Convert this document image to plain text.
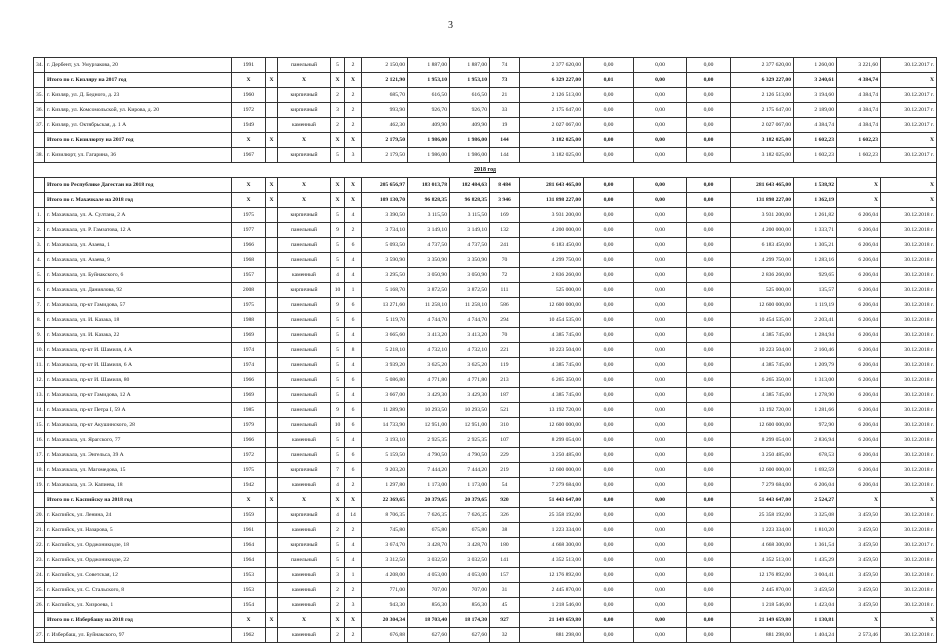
3
34.	г. Дербент, ул. Умурзакова, 20	1991		панельный	5	2	2 150,00	1 887,00	1 887,00	74	2 377 620,00	0,00	0,00	0,00	2 377 620,00	1 260,00	3 221,60	30.12.2017 г.
	Итого по г. Кизляру на 2017 год	X	X	X	X	X	2 121,90	1 953,10	1 953,10	73	6 329 227,00	0,01	0,00	0,00	6 329 227,00	3 240,61	4 384,74	X
35.	г. Кизляр, ул. Д. Бедного, д. 23	1960		кирпичный	2	2	685,70	616,50	616,50	21	2 126 513,00	0,00	0,00	0,00	2 126 513,00	3 194,60	4 384,74	30.12.2017 г.
36.	г. Кизляр, ул. Комсомольской, ул. Кирова, д. 20	1972		кирпичный	3	2	993,90	926,70	926,70	33	2 175 647,00	0,00	0,00	0,00	2 175 647,00	2 189,00	4 384,74	30.12.2017 г.
37.	г. Кизляр, ул. Октябрьская, д. 1 А	1949		каменный	2	2	462,30	409,90	409,90	19	2 027 067,00	0,00	0,00	0,00	2 027 067,00	4 384,74	4 384,74	30.12.2017 г.
	Итого по г. Кизилюрту на 2017 год	X	X	X	X	X	2 179,50	1 986,00	1 986,00	144	3 182 025,00	0,00	0,00	0,00	3 182 025,00	1 602,23	1 602,23	X
38.	г. Кизилюрт, ул. Гагарина, 36	1967		кирпичный	5	3	2 179,50	1 986,00	1 986,00	144	3 182 025,00	0,00	0,00	0,00	3 182 025,00	1 602,23	1 602,23	30.12.2017 г.
2018 год																		
	Итого по Республике Дагестан на 2018 год	X	X	X	X	X	205 656,97	183 013,78	182 484,63	8 484	281 643 465,00	0,00	0,00	0,00	281 643 465,00	1 538,92	X	X
	Итого по г. Махачкале на 2018 год	X	X	X	X	X	109 130,70	96 828,35	96 828,35	3 946	131 898 227,00	0,00	0,00	0,00	131 898 227,00	1 362,19	X	X
1.	г. Махачкала, ул. А. Султана, 2 А	1975		кирпичный	5	4	3 390,50	3 115,50	3 115,50	169	3 931 200,00	0,00	0,00	0,00	3 931 200,00	1 261,82	6 206,04	30.12.2018 г.
2.	г. Махачкала, ул. Р. Гамзатова, 12 А	1977		панельный	9	2	3 734,10	3 149,10	3 149,10	132	4 200 000,00	0,00	0,00	0,00	4 200 000,00	1 333,71	6 206,04	30.12.2018 г.
3.	г. Махачкала, ул. Азаева, 1	1966		панельный	5	6	5 093,50	4 737,50	4 737,50	241	6 183 450,00	0,00	0,00	0,00	6 183 450,00	1 305,21	6 206,04	30.12.2018 г.
4.	г. Махачкала, ул. Азаева, 9	1968		панельный	5	4	3 590,90	3 350,90	3 350,90	70	4 299 750,00	0,00	0,00	0,00	4 299 750,00	1 283,16	6 206,04	30.12.2018 г.
5.	г. Махачкала, ул. Буйнакского, 6	1957		каменный	4	4	3 295,50	3 050,90	3 050,90	72	2 836 260,00	0,00	0,00	0,00	2 836 260,00	929,65	6 206,04	30.12.2018 г.
6.	г. Махачкала, ул. Даниялова, 92	2008		кирпичный	10	1	5 168,70	3 872,50	3 872,50	111	525 000,00	0,00	0,00	0,00	525 000,00	135,57	6 206,04	30.12.2018 г.
7.	г. Махачкала, пр-кт Гамидова, 57	1975		панельный	9	6	13 271,60	11 258,10	11 258,10	586	12 600 000,00	0,00	0,00	0,00	12 600 000,00	1 119,19	6 206,04	30.12.2018 г.
8.	г. Махачкала, ул. И. Казака, 18	1988		панельный	5	6	5 119,70	4 744,70	4 744,70	294	10 454 535,00	0,00	0,00	0,00	10 454 535,00	2 203,41	6 206,04	30.12.2018 г.
9.	г. Махачкала, ул. И. Казака, 22	1969		панельный	5	4	3 665,60	3 413,20	3 413,20	70	4 385 745,00	0,00	0,00	0,00	4 385 745,00	1 284,94	6 206,04	30.12.2018 г.
10.	г. Махачкала, пр-кт И. Шамиля, 4 А	1974		панельный	5	8	5 218,10	4 732,10	4 732,10	221	10 223 504,00	0,00	0,00	0,00	10 223 504,00	2 160,46	6 206,04	30.12.2018 г.
11.	г. Махачкала, пр-кт И. Шамиля, 6 А	1974		панельный	5	4	3 939,20	3 625,20	3 625,20	119	4 385 745,00	0,00	0,00	0,00	4 385 745,00	1 209,79	6 206,04	30.12.2018 г.
12.	г. Махачкала, пр-кт И. Шамиля, 80	1966		панельный	5	6	5 086,80	4 771,80	4 771,80	213	6 265 350,00	0,00	0,00	0,00	6 265 350,00	1 313,00	6 206,04	30.12.2018 г.
13.	г. Махачкала, пр-кт Гамидова, 12 А	1969		панельный	5	4	3 667,00	3 429,30	3 429,30	187	4 385 745,00	0,00	0,00	0,00	4 385 745,00	1 278,90	6 206,04	30.12.2018 г.
14.	г. Махачкала, пр-кт Петра I, 59 А	1985		панельный	9	6	11 289,90	10 293,50	10 293,50	521	13 192 720,00	0,00	0,00	0,00	13 192 720,00	1 281,66	6 206,04	30.12.2018 г.
15.	г. Махачкала, пр-кт Акушинского, 28	1979		панельный	10	6	14 733,90	12 951,00	12 951,00	310	12 600 000,00	0,00	0,00	0,00	12 600 000,00	972,90	6 206,04	30.12.2018 г.
16.	г. Махачкала, ул. Ярагского, 77	1966		каменный	5	4	3 193,10	2 925,35	2 925,35	107	8 299 054,00	0,00	0,00	0,00	8 299 054,00	2 836,94	6 206,04	30.12.2018 г.
17.	г. Махачкала, ул. Энгельса, 39 А	1972		панельный	5	6	5 159,50	4 790,50	4 790,50	229	3 250 485,00	0,00	0,00	0,00	3 250 485,00	678,53	6 206,04	30.12.2018 г.
18.	г. Махачкала, ул. Магомедова, 15	1975		кирпичный	7	6	9 203,20	7 444,20	7 444,20	219	12 600 000,00	0,00	0,00	0,00	12 600 000,00	1 692,59	6 206,04	30.12.2018 г.
19.	г. Махачкала, ул. Э. Капиева, 18	1942		каменный	4	2	1 297,80	1 173,00	1 173,00	54	7 279 684,00	0,00	0,00	0,00	7 279 684,00	6 206,04	6 206,04	30.12.2018 г.
	Итого по г. Каспийску на 2018 год	X	X	X	X	X	22 369,65	20 379,65	20 379,65	920	51 443 647,00	0,00	0,00	0,00	51 443 647,00	2 524,27	X	X
20.	г. Каспийск, ул. Ленина, 24	1959		кирпичный	4	14	8 706,35	7 626,35	7 626,35	326	25 358 192,00	0,00	0,00	0,00	25 358 192,00	3 325,08	3 459,50	30.12.2018 г.
21.	г. Каспийск, ул. Назарова, 5	1961		каменный	2	2	745,80	675,80	675,80	38	1 223 334,00	0,00	0,00	0,00	1 223 334,00	1 810,20	3 459,50	30.12.2018 г.
22.	г. Каспийск, ул. Орджоникидзе, 18	1964		кирпичный	5	4	3 674,70	3 428,70	3 428,70	180	4 668 300,00	0,00	0,00	0,00	4 668 300,00	1 361,54	3 459,50	30.12.2017 г.
23.	г. Каспийск, ул. Орджоникидзе, 22	1964		панельный	5	4	3 312,50	3 032,50	3 032,50	141	4 352 513,00	0,00	0,00	0,00	4 352 513,00	1 435,29	3 459,50	30.12.2018 г.
24.	г. Каспийск, ул. Советская, 12	1953		каменный	3	1	4 208,00	4 053,00	4 053,00	157	12 176 892,00	0,00	0,00	0,00	12 176 892,00	3 004,41	3 459,50	30.12.2018 г.
25.	г. Каспийск, ул. С. Стальского, 8	1953		каменный	2	2	771,00	707,00	707,00	31	2 445 870,00	0,00	0,00	0,00	2 445 870,00	3 459,50	3 459,50	30.12.2018 г.
26.	г. Каспийск, ул. Хизроева, 1	1954		каменный	2	3	943,30	856,30	856,30	45	1 218 546,00	0,00	0,00	0,00	1 218 546,00	1 423,04	3 459,50	30.12.2018 г.
	Итого по г. Избербашу на 2018 год	X	X	X	X	X	20 304,34	18 703,40	18 174,30	927	21 149 659,80	0,00	0,00	0,00	21 149 659,80	1 130,81	X	X
27.	г. Избербаш, ул. Буйнакского, 97	1962		каменный	2	2	676,88	627,60	627,60	32	881 298,00	0,00	0,00	0,00	881 298,00	1 404,24	2 573,46	30.12.2018 г.
